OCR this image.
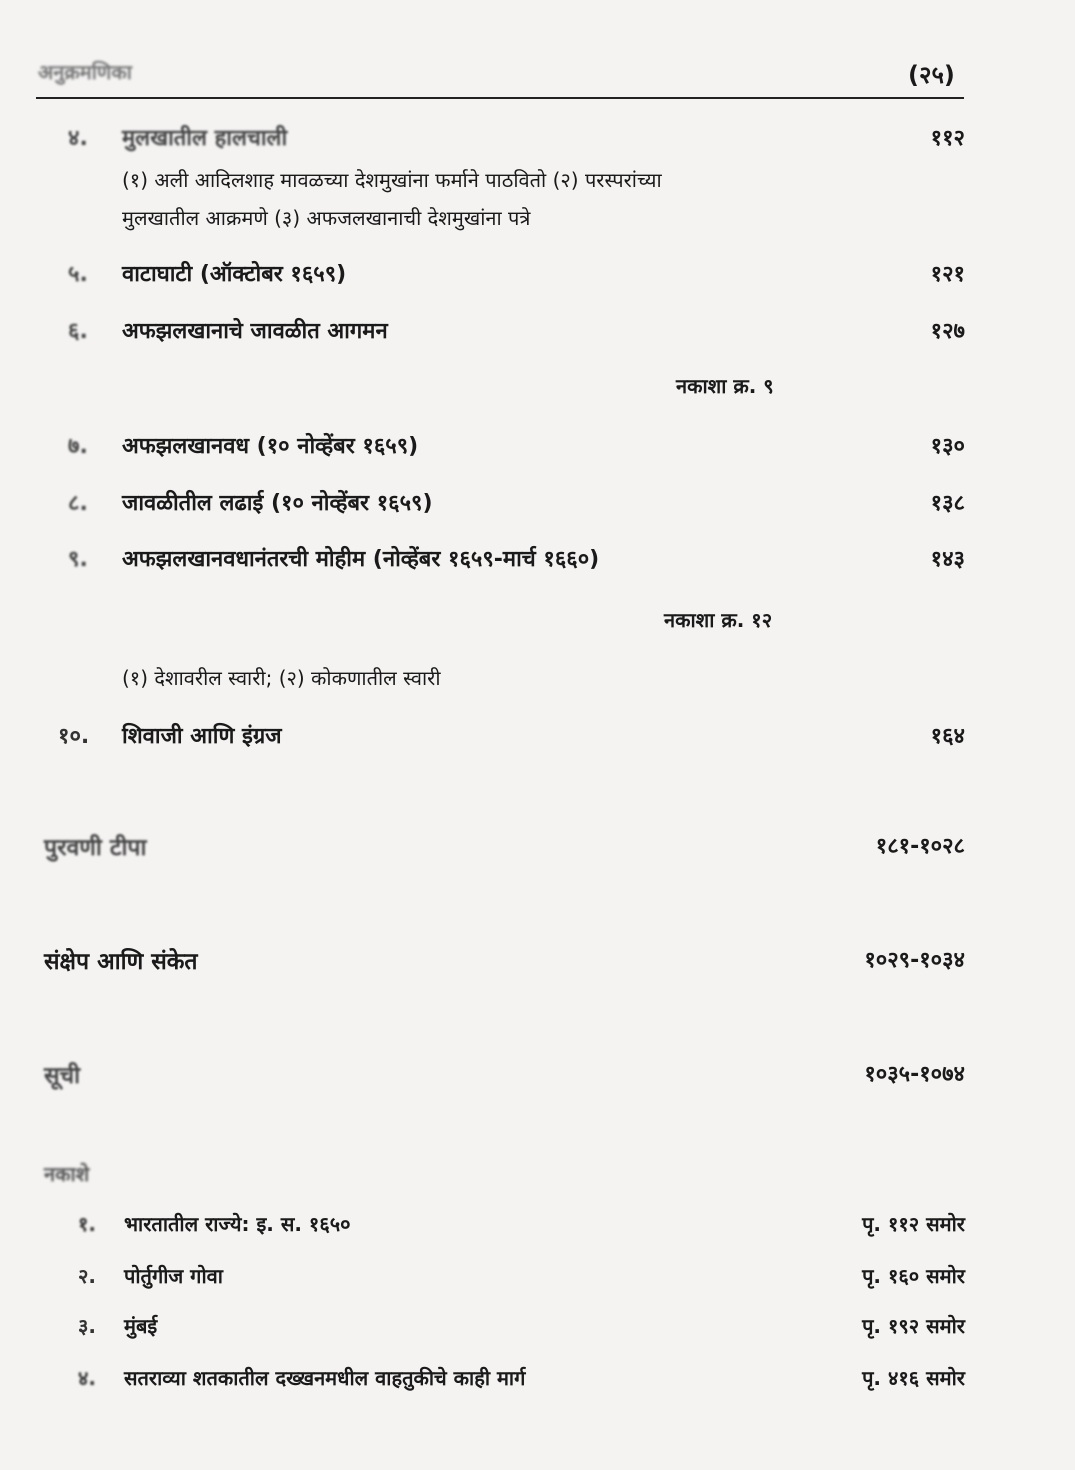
अनुक्रमणिका	(२५)
४. मुलखातील हालचाली	११२
(१) अली आदिलशाह मावळच्या देशमुखांना फर्माने पाठवितो (२) परस्परांच्या
मुलखातील आक्रमणे (३) अफजलखानाची देशमुखांना पत्रे
५. वाटाघाटी (ऑक्टोबर १६५९)	१२१
६. अफझलखानाचे जावळीत आगमन	१२७
नकाशा क्र. ९
७. अफझलखानवध (१० नोव्हेंबर १६५९)	१३०
८. जावळीतील लढाई (१० नोव्हेंबर १६५९)	१३८
९. अफझलखानवधानंतरची मोहीम (नोव्हेंबर १६५९-मार्च १६६०)	१४३
नकाशा क्र. १२
(१) देशावरील स्वारी; (२) कोकणातील स्वारी
१०. शिवाजी आणि इंग्रज	१६४
पुरवणी टीपा	१८१-१०२८
संक्षेप आणि संकेत	१०२९-१०३४
सूची	१०३५-१०७४
नकाशे
१. भारतातील राज्ये: इ. स. १६५०	पृ. ११२ समोर
२. पोर्तुगीज गोवा	पृ. १६० समोर
३. मुंबई	पृ. १९२ समोर
४. सतराव्या शतकातील दख्खनमधील वाहतुकीचे काही मार्ग	पृ. ४१६ समोर
